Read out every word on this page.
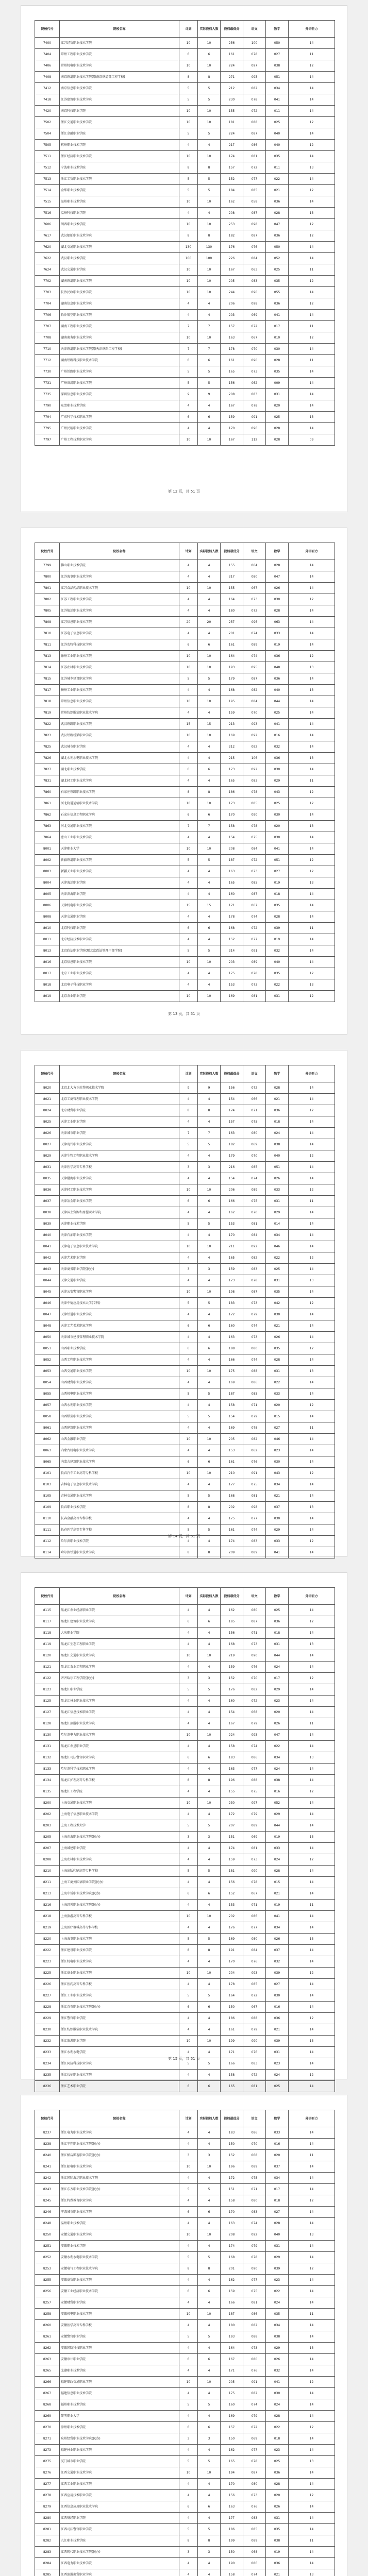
院校代号	院校名称	计划	实际投档人数	投档最低分	语文	数学	外语听力
7400	江苏经贸职业技术学院	10	10	256	100	050	14
7404	常州工程职业技术学院	6	6	161	078	027	11
7406	常州机电职业技术学院	10	10	224	097	038	12
7408	南京铁道职业技术学院(原南京铁道部工程学校)	8	8	271	095	051	14
7412	南京信息职业技术学院	5	5	212	082	034	14
7418	江苏建筑职业技术学院	5	5	230	078	041	14
7420	南京科技职业学院	10	10	155	072	011	14
7502	浙江交通职业技术学院	10	10	181	088	025	12
7504	浙江金融职业学院	5	5	224	087	040	14
7505	杭州职业技术学院	4	4	217	086	040	12
7511	浙江经济职业技术学院	10	10	174	081	035	14
7512	宁波职业技术学院	8	8	157	072	011	13
7513	浙江工贸职业技术学院	5	5	152	077	022	14
7514	金华职业技术学院	5	5	184	085	021	12
7515	温州职业技术学院	10	10	162	058	036	14
7516	温州科技职业学院	4	4	208	087	028	13
7606	闽西职业技术学院	10	10	253	098	047	12
7617	武汉船舶职业技术学院	8	8	182	087	036	12
7620	湖北交通职业技术学院	130	130	176	076	050	14
7622	武汉职业技术学院	100	100	226	084	052	14
7624	武汉交通职业学院	10	10	167	063	025	11
7702	湖南铁道职业技术学院	10	10	205	083	035	12
7703	长沙民政职业技术学院	10	10	244	090	055	14
7704	湖南信息职业技术学院	4	4	206	098	036	12
7706	长沙航空职业技术学院	4	4	203	069	041	14
7707	湖南工程职业技术学院	7	7	157	072	017	11
7708	湖南商务职业技术学院	10	10	163	067	010	12
7710	天津铁道职业技术学院(原天津铁路工程学校)	7	7	178	070	030	14
7712	湖南铁路科技职业技术学院	6	6	161	090	028	11
7730	广州铁路职业技术学院	5	5	165	073	035	14
7731	广州番禺职业技术学院	5	5	156	062	009	14
7735	深圳信息职业技术学院	9	9	208	083	031	14
7790	东莞职业技术学院	4	4	167	078	020	14
7794	广东科学技术职业学院	6	6	159	091	025	13
7795	广州民航职业技术学院	4	4	170	096	028	14
7797	广州工程技术职业学院	10	10	167	112	028	09
第 12 页，共 51 页
院校代号	院校名称	计划	实际投档人数	投档最低分	语文	数学	外语听力
7799	佛山职业技术学院	4	4	155	064	028	14
7800	江苏海事职业技术学院	4	4	217	080	047	14
7801	江苏食品药品职业技术学院	10	10	155	067	026	14
7802	江苏工程职业技术学院	4	4	164	073	030	12
7805	江苏航运职业技术学院	4	4	180	072	028	14
7808	江苏信息职业技术学院	20	20	257	096	063	14
7810	江苏电子信息职业学院	4	4	201	074	033	14
7811	江苏农牧科技职业学院	6	6	161	089	019	14
7813	徐州工业职业技术学院	10	10	164	074	036	12
7814	江苏农林职业技术学院	10	10	193	095	048	13
7815	江苏城乡建设职业学院	5	5	179	087	036	14
7817	扬州工业职业技术学院	4	4	168	082	040	13
7818	常州信息职业技术学院	10	10	195	084	044	14
7819	常州纺织服装职业技术学院	4	4	159	070	025	14
7822	武汉铁路职业技术学院	15	15	213	093	041	14
7823	武汉铁路桥梁职业学院	10	10	169	092	016	14
7825	武汉城市职业学院	4	4	212	092	032	14
7826	湖北水利水电职业技术学院	4	4	215	106	036	13
7827	湖北职业技术学院	6	6	173	092	030	14
7831	湖北轻工职业技术学院	4	4	165	083	029	11
7860	石家庄铁路职业技术学院	8	8	186	078	043	12
7861	河北轨道运输职业技术学院	10	10	173	085	025	12
7862	石家庄信息工程职业学院	6	6	170	090	030	14
7863	河北交通职业技术学院	7	7	158	078	020	13
7864	唐山工业职业技术学院	4	4	154	075	030	14
8001	天津职业大学	10	10	208	084	041	14
8002	新疆铁道职业技术学院	5	5	187	072	051	12
8003	新疆天业职业技术学院	4	4	163	073	027	12
8004	天津海运职业学院	4	4	165	085	019	13
8005	天津滨海职业学院	4	4	160	087	018	14
8006	天津机电职业技术学院	15	15	171	067	035	14
8008	天津交通职业学院	4	4	178	074	028	14
8010	北京科技职业学院	6	6	168	072	039	11
8011	北京经济技术职业学院	4	4	152	077	019	14
8013	北京政法职业学院(原北京政法管理干部学院)	5	5	214	091	032	14
8016	北京信息职业技术学院	10	10	203	089	040	14
8017	北京工业职业技术学院	4	4	175	078	035	12
8018	北京电子科技职业学院	4	4	153	073	022	13
8019	北京农业职业学院	10	10	169	081	031	12
第 13 页，共 51 页
院校代号	院校名称	计划	实际投档人数	投档最低分	语文	数学	外语听力
8020	北京北大方正软件职业技术学院	9	9	156	072	028	14
8021	北京工商管理职业技术学院	4	4	154	066	021	14
8024	北京财贸职业学院	8	8	174	071	036	12
8025	天津工业职业学院	4	4	157	075	018	14
8026	天津城市职业学院	7	7	163	080	024	14
8027	天津现代职业技术学院	5	5	182	069	038	14
8029	天津生物工程职业技术学院	4	4	179	070	040	12
8031	天津医学高等专科学校	3	3	216	085	051	14
8035	天津渤海职业技术学院	4	4	154	074	026	14
8036	天津轻工职业技术学院	10	10	206	089	033	12
8037	天津冶金职业技术学院	6	6	166	075	031	11
8038	天津国土资源和房屋职业学院	4	4	162	070	029	14
8039	天津职业技术学院	5	5	153	081	014	14
8040	天津石油职业技术学院	4	4	170	084	034	14
8041	天津电子信息职业技术学院	10	10	211	092	046	14
8042	天津艺术职业学院	4	4	165	082	022	12
8043	天津商务职业学院(民办)	3	3	159	083	025	14
8044	天津交通职业学院	4	4	173	078	031	13
8045	天津公安警官职业学院	10	10	198	087	035	14
8046	天津中德应用技术大学(专科)	5	5	183	073	042	12
8047	天津铁道职业技术学院	4	4	172	079	030	14
8048	天津工艺美术职业学院	6	6	160	074	021	14
8050	天津城市建设管理职业技术学院	4	4	163	073	026	14
8051	山西职业技术学院	6	6	188	080	035	12
8052	山西工程职业技术学院	4	4	166	074	028	14
8053	山西交通职业技术学院	10	10	175	088	031	13
8054	山西财贸职业技术学院	4	4	169	086	022	14
8055	山西机电职业技术学院	5	5	187	085	033	14
8057	山西水利职业技术学院	4	4	158	071	020	12
8058	山西煤炭职业技术学院	5	5	154	079	015	14
8061	山西建筑职业技术学院	4	4	169	078	027	11
8062	山西金融职业学院	10	10	205	082	046	14
8063	内蒙古机电职业技术学院	4	4	153	062	023	14
8065	内蒙古建筑职业技术学院	6	6	161	076	030	14
8101	长春汽车工业高等专科学校	10	10	210	091	043	12
8103	吉林电子信息职业技术学院	4	4	177	075	034	14
8105	吉林交通职业技术学院	5	5	168	081	021	14
8109	长春职业技术学院	8	8	202	098	037	13
8110	长春金融高等专科学校	4	4	175	077	030	14
8111	长春医学高等专科学校	5	5	161	074	029	14
8112	哈尔滨职业技术学院	4	4	174	083	033	12
8114	哈尔滨铁道职业技术学院	8	8	209	089	041	14
第 14 页，共 51 页
院校代号	院校名称	计划	实际投档人数	投档最低分	语文	数学	外语听力
8115	黑龙江农业经济职业学院	4	4	162	080	025	14
8117	黑龙江建筑职业技术学院	6	6	185	087	036	12
8118	大庆职业学院	4	4	156	071	018	14
8119	黑龙江生态工程职业学院	4	4	168	073	031	13
8120	黑龙江交通职业技术学院	10	10	219	090	044	14
8121	黑龙江农业工程职业学院	4	4	159	076	024	14
8122	齐齐哈尔工程学院(民办)	3	3	152	070	017	12
8123	黑龙江职业学院	5	5	176	082	029	14
8125	黑龙江林业职业技术学院	4	4	160	072	023	14
8127	黑龙江信息技术职业学院	4	4	154	068	020	14
8128	黑龙江旅游职业技术学院	4	4	167	079	026	11
8130	哈尔滨电力职业技术学院	10	10	224	095	047	14
8131	黑龙江农垦职业学院	4	4	158	074	022	14
8132	黑龙江司法警官职业学院	6	6	183	086	034	13
8133	哈尔滨科学技术职业学院	4	4	163	077	024	14
8134	黑龙江护理高等专科学校	8	8	196	088	038	14
8135	黑龙江工程学院	4	4	155	075	016	12
8200	上海交通职业技术学院	10	10	230	097	052	14
8202	上海电子信息职业技术学院	4	4	172	079	029	14
8203	上海工程技术大学	5	5	207	089	044	14
8205	上海东海职业技术学院(民办)	3	3	151	069	019	13
8207	上海城建职业学院	4	4	174	081	033	14
8208	上海农林职业技术学院	4	4	159	073	024	12
8210	上海出版印刷高等专科学校	5	5	181	090	028	14
8211	上海工商外国语职业学院(民办)	4	4	156	078	015	14
8213	上海中侨职业技术学院(民办)	6	6	152	067	021	14
8216	上海思博职业技术学院(民办)	4	4	153	071	019	11
8218	上海旅游高等专科学校	10	10	202	086	041	14
8219	上海医疗器械高等专科学校	4	4	176	077	034	14
8220	上海海事职业技术学院	5	5	169	080	026	13
8222	浙江建设职业技术学院	8	8	191	084	037	14
8223	浙江机电职业技术学院	4	4	170	076	032	14
8225	浙江商业职业技术学院	10	10	204	093	039	12
8226	浙江医药高等专科学校	4	4	178	085	027	14
8227	浙江工业职业技术学院	5	5	164	072	030	14
8228	浙江育英职业技术学院(民办)	6	6	150	067	016	14
8229	浙江警官职业学院	4	4	186	088	036	12
8230	浙江纺织服装职业技术学院	4	4	161	079	021	14
8232	浙江旅游职业学院	10	10	199	090	039	13
8233	浙江水利水电学院	4	4	171	076	031	14
8234	浙江同济科技职业学院	5	5	166	083	023	14
8235	浙江长征职业技术学院	4	4	158	072	024	12
8236	浙江艺术职业学院	6	6	165	081	025	14
第 15 页，共 51 页
院校代号	院校名称	计划	实际投档人数	投档最低分	语文	数学	外语听力
8237	浙江电力职业技术学院	4	4	183	086	033	14
8238	浙江宇翔职业技术学院(民办)	4	4	150	070	016	14
8240	浙江横店影视职业学院(民办)	3	3	152	068	020	11
8241	浙江邮电职业技术学院	10	10	196	089	037	14
8242	浙江国际海运职业技术学院	4	4	172	075	034	14
8243	浙江东方职业技术学院(民办)	5	5	151	071	017	14
8245	浙江特殊教育职业学院	4	4	158	080	018	12
8246	宁波城市职业技术学院	6	6	170	083	027	14
8248	温州职业技术学院	4	4	163	074	028	14
8250	安徽交通职业技术学院	10	10	208	092	040	13
8251	安徽职业技术学院	4	4	174	079	031	14
8252	安徽水利水电职业技术学院	5	5	168	078	029	14
8253	安徽电气工程职业技术学院	8	8	201	090	039	12
8255	安徽商贸职业技术学院	4	4	162	077	023	14
8256	安徽工业经济职业技术学院	6	6	159	075	022	14
8257	安徽财贸职业学院	4	4	166	081	024	14
8258	安徽机电职业技术学院	10	10	187	086	035	11
8260	安徽医学高等专科学校	4	4	180	082	034	14
8261	安徽警官职业学院	5	5	193	088	038	14
8262	安徽国防科技职业学院	4	4	164	073	029	13
8263	安徽审计职业学院	6	6	167	080	026	14
8265	芜湖职业技术学院	4	4	171	076	032	14
8266	福建船政交通职业学院	10	10	205	091	041	12
8267	福建信息职业技术学院	4	4	175	082	030	14
8268	福州职业技术学院	5	5	160	074	024	14
8269	黎明职业大学	4	4	169	079	028	14
8270	漳州职业技术学院	6	6	157	072	022	12
8271	泉州经贸职业技术学院(民办)	3	3	150	069	018	14
8273	福建林业职业技术学院	4	4	162	077	023	14
8275	厦门城市职业学院	5	5	165	078	025	13
8276	江西交通职业技术学院	10	10	194	087	036	14
8277	江西工业职业技术学院	4	4	170	080	028	14
8278	江西应用技术职业学院	4	4	156	073	020	12
8279	江西信息应用职业技术学院	6	6	163	076	026	14
8280	江西财经职业学院	4	4	177	083	031	14
8281	江西司法警官职业学院	5	5	186	085	035	14
8282	九江职业技术学院	8	8	199	089	038	11
8283	江西现代职业技术学院(民办)	3	3	150	068	019	14
8284	江西电力职业技术学院	4	4	190	086	036	14
8285	江西旅游商贸职业学院	4	4	158	074	021	13
